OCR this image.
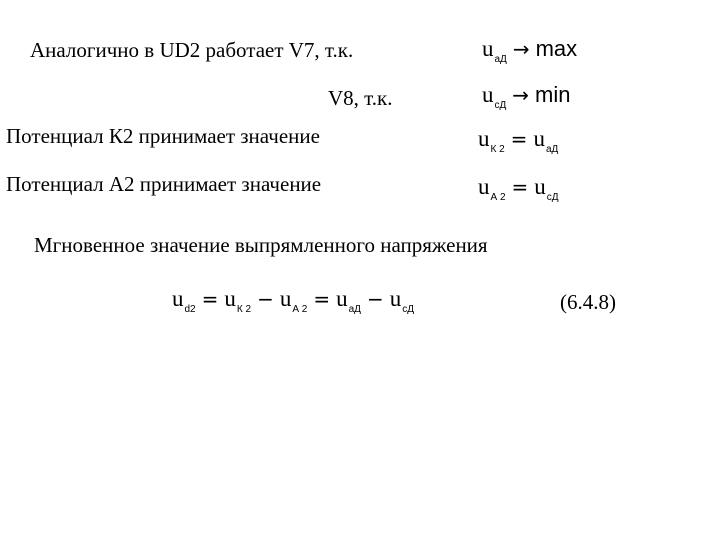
Аналогично в UD2 работает V7, т.к.
V8, т.к.
Потенциал К2 принимает значение
Потенциал А2 принимает значение
Мгновенное значение выпрямленного напряжения
(6.4.8)
$u_{аД} \to \max$
$u_{сД} \to \min$
$u_{К 2} = u_{аД}$
$u_{А 2} = u_{сД}$
$u_{d2} = u_{К 2} - u_{А 2} = u_{аД} - u_{сД}$
